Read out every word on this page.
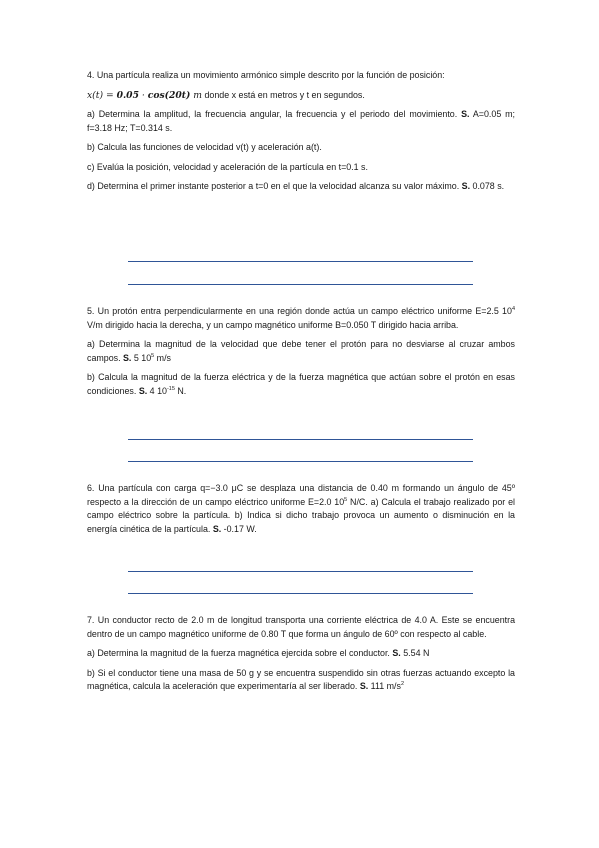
4. Una partícula realiza un movimiento armónico simple descrito por la función de posición:

x(t) = 0.05 · cos(20t) m donde x está en metros y t en segundos.

a) Determina la amplitud, la frecuencia angular, la frecuencia y el periodo del movimiento. S. A=0.05 m; f=3.18 Hz; T=0.314 s.

b) Calcula las funciones de velocidad v(t) y aceleración a(t).

c) Evalúa la posición, velocidad y aceleración de la partícula en t=0.1 s.

d) Determina el primer instante posterior a t=0 en el que la velocidad alcanza su valor máximo. S. 0.078 s.

5. Un protón entra perpendicularmente en una región donde actúa un campo eléctrico uniforme E=2.5 $10^4$ V/m dirigido hacia la derecha, y un campo magnético uniforme B=0.050 T dirigido hacia arriba.

a) Determina la magnitud de la velocidad que debe tener el protón para no desviarse al cruzar ambos campos. S. 5 $10^5$ m/s

b) Calcula la magnitud de la fuerza eléctrica y de la fuerza magnética que actúan sobre el protón en esas condiciones. S. 4 $10^{-15}$ N.

6. Una partícula con carga q=−3.0 μC se desplaza una distancia de 0.40 m formando un ángulo de 45º respecto a la dirección de un campo eléctrico uniforme E=2.0 $10^5$ N/C. a) Calcula el trabajo realizado por el campo eléctrico sobre la partícula. b) Indica si dicho trabajo provoca un aumento o disminución en la energía cinética de la partícula. S. -0.17 W.

7. Un conductor recto de 2.0 m de longitud transporta una corriente eléctrica de 4.0 A. Este se encuentra dentro de un campo magnético uniforme de 0.80 T que forma un ángulo de 60º con respecto al cable.

a) Determina la magnitud de la fuerza magnética ejercida sobre el conductor. S. 5.54 N

b) Si el conductor tiene una masa de 50 g y se encuentra suspendido sin otras fuerzas actuando excepto la magnética, calcula la aceleración que experimentaría al ser liberado. S. 111 $m/s^2$
